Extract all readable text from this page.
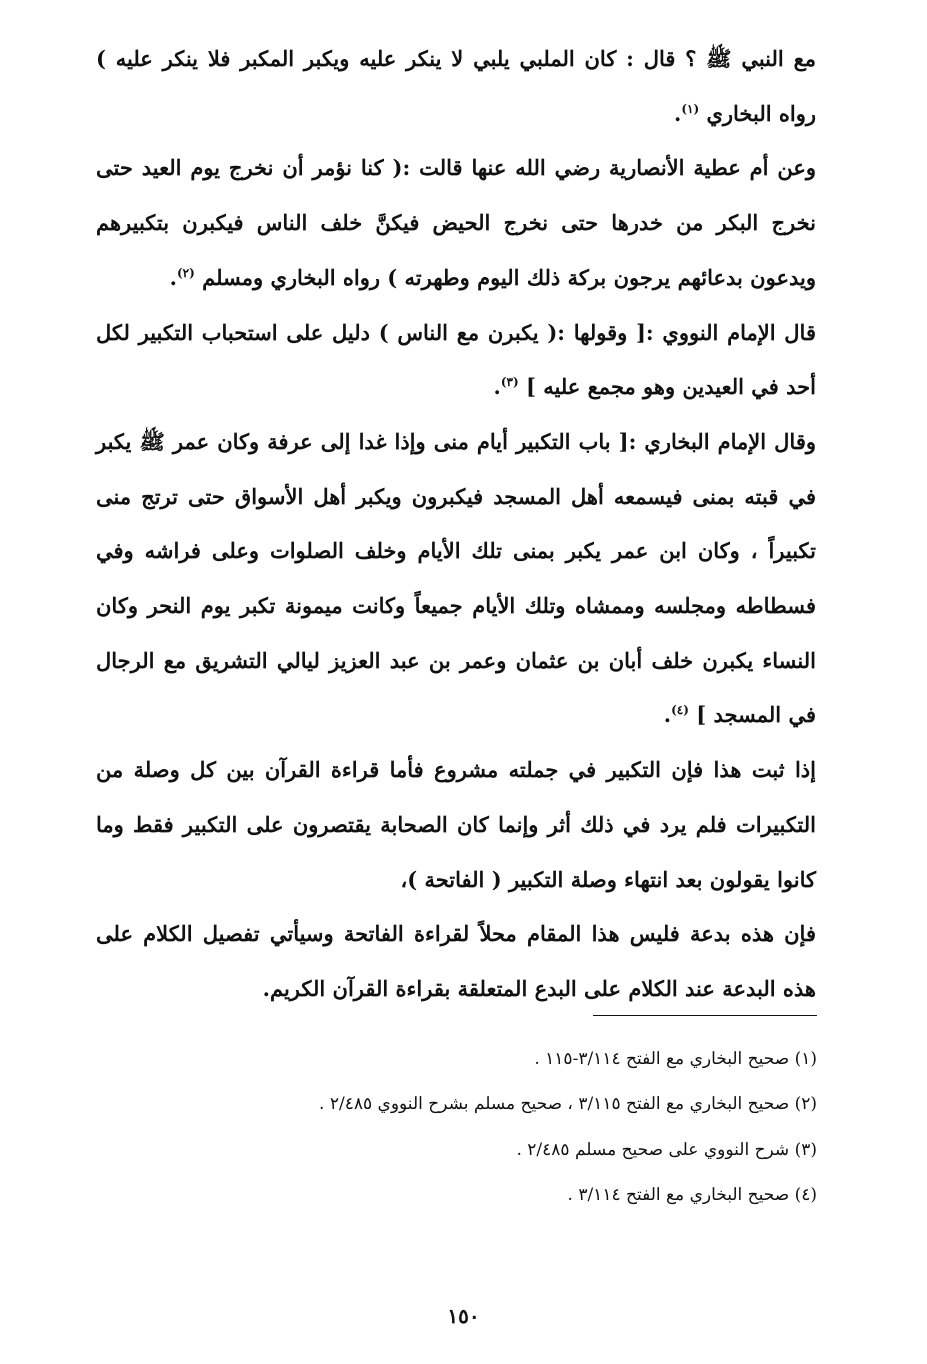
مع النبي ﷺ ؟ قال : كان الملبي يلبي لا ينكر عليه ويكبر المكبر فلا ينكر عليه ) رواه البخاري $^{(١)}$.

وعن أم عطية الأنصارية رضي الله عنها قالت :( كنا نؤمر أن نخرج يوم العيد حتى نخرج البكر من خدرها حتى نخرج الحيض فيكنَّ خلف الناس فيكبرن بتكبيرهم ويدعون بدعائهم يرجون بركة ذلك اليوم وطهرته ) رواه البخاري ومسلم $^{(٢)}$.

قال الإمام النووي :[ وقولها :( يكبرن مع الناس ) دليل على استحباب التكبير لكل أحد في العيدين وهو مجمع عليه ] $^{(٣)}$.

وقال الإمام البخاري :[ باب التكبير أيام منى وإذا غدا إلى عرفة وكان عمر ﷺ يكبر في قبته بمنى فيسمعه أهل المسجد فيكبرون ويكبر أهل الأسواق حتى ترتج منى تكبيراً ، وكان ابن عمر يكبر بمنى تلك الأيام وخلف الصلوات وعلى فراشه وفي فسطاطه ومجلسه وممشاه وتلك الأيام جميعاً وكانت ميمونة تكبر يوم النحر وكان النساء يكبرن خلف أبان بن عثمان وعمر بن عبد العزيز ليالي التشريق مع الرجال في المسجد ] $^{(٤)}$.

إذا ثبت هذا فإن التكبير في جملته مشروع فأما قراءة القرآن بين كل وصلة من التكبيرات فلم يرد في ذلك أثر وإنما كان الصحابة يقتصرون على التكبير فقط وما كانوا يقولون بعد انتهاء وصلة التكبير ( الفاتحة )،

فإن هذه بدعة فليس هذا المقام محلاً لقراءة الفاتحة وسيأتي تفصيل الكلام على هذه البدعة عند الكلام على البدع المتعلقة بقراءة القرآن الكريم.

(١) صحيح البخاري مع الفتح ٣/١١٤-١١٥ .

(٢) صحيح البخاري مع الفتح ٣/١١٥ ، صحيح مسلم بشرح النووي ٢/٤٨٥ .

(٣) شرح النووي على صحيح مسلم ٢/٤٨٥ .

(٤) صحيح البخاري مع الفتح ٣/١١٤ .

١٥٠
